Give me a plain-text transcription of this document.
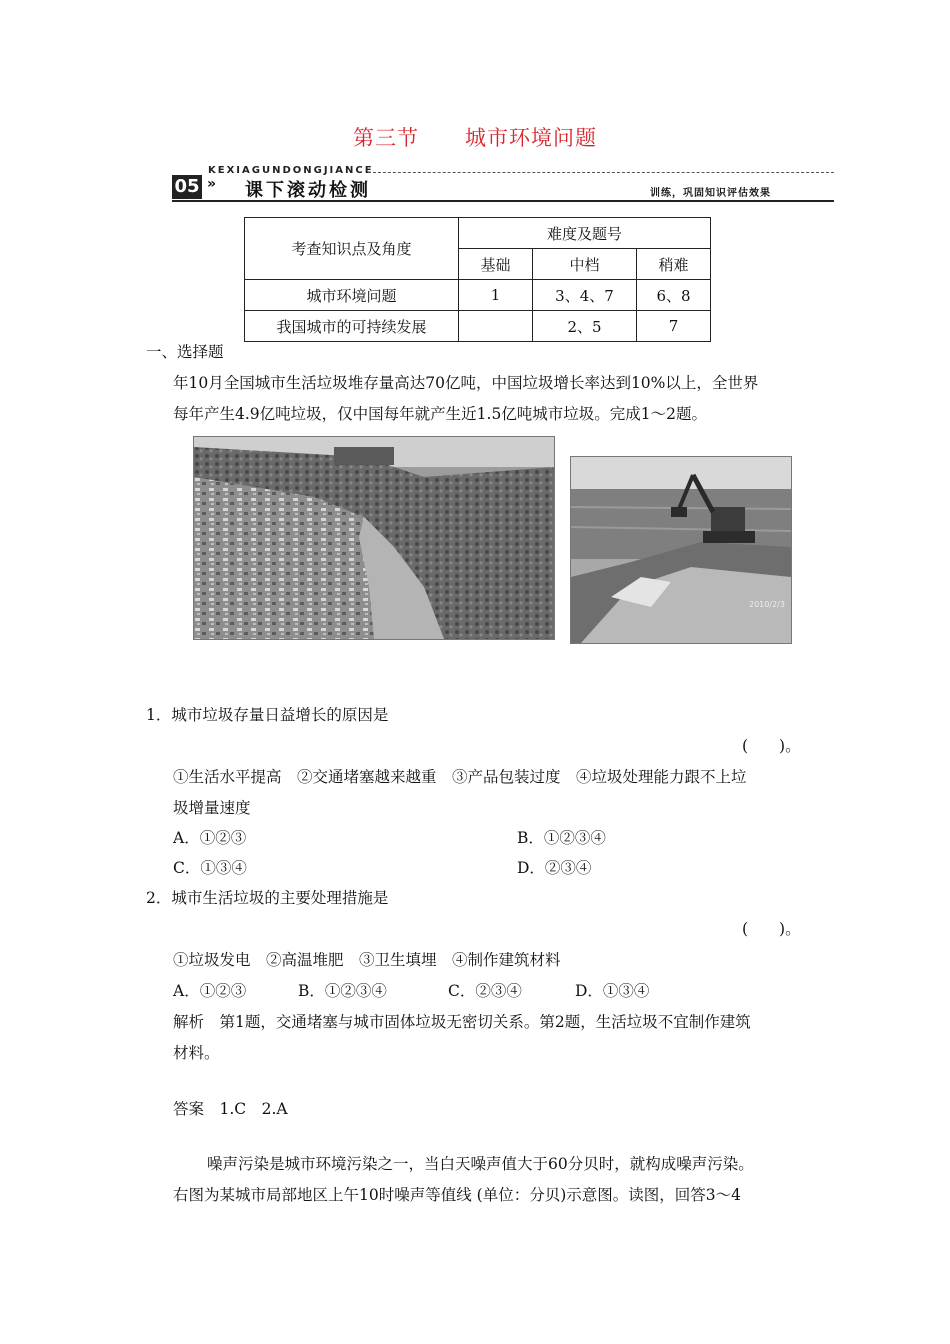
第三节 城市环境问题
KEXIAGUNDONGJIANCE
05 » 课下滚动检测	训练，巩固知识评估效果
考查知识点及角度	难度及题号		
	基础	中档	稍难
城市环境问题	1	3、4、7	6、8
我国城市的可持续发展		2、5	7
一、选择题
年10月全国城市生活垃圾堆存量高达70亿吨，中国垃圾增长率达到10%以上，全世界
每年产生4.9亿吨垃圾，仅中国每年就产生近1.5亿吨城市垃圾。完成1～2题。
2010/2/3
1．城市垃圾存量日益增长的原因是
(　　)。
①生活水平提高　②交通堵塞越来越重　③产品包装过度　④垃圾处理能力跟不上垃
圾增量速度
A．①②③	B．①②③④
C．①③④	D．②③④
2．城市生活垃圾的主要处理措施是
(　　)。
①垃圾发电　②高温堆肥　③卫生填埋　④制作建筑材料
A．①②③	B．①②③④	C．②③④	D．①③④
解析　第1题，交通堵塞与城市固体垃圾无密切关系。第2题，生活垃圾不宜制作建筑
材料。
答案　1.C　2.A
噪声污染是城市环境污染之一，当白天噪声值大于60分贝时，就构成噪声污染。
右图为某城市局部地区上午10时噪声等值线 (单位：分贝)示意图。读图，回答3～4
